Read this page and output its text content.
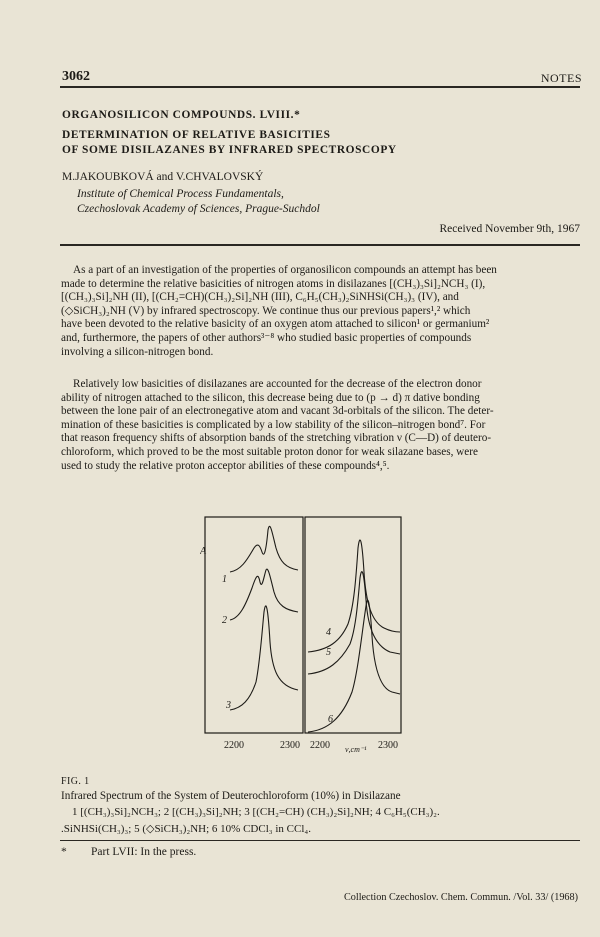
3062	NOTES
ORGANOSILICON COMPOUNDS. LVIII.*
DETERMINATION OF RELATIVE BASICITIES
OF SOME DISILAZANES BY INFRARED SPECTROSCOPY
M.JAKOUBKOVÁ and V.CHVALOVSKÝ
Institute of Chemical Process Fundamentals,
Czechoslovak Academy of Sciences, Prague-Suchdol
Received November 9th, 1967
As a part of an investigation of the properties of organosilicon compounds an attempt has been
made to determine the relative basicities of nitrogen atoms in disilazanes [(CH₃)₃Si]₂NCH₃ (I),
[(CH₃)₃Si]₂NH (II), [(CH₂=CH)(CH₃)₂Si]₂NH (III), C₆H₅(CH₃)₂SiNHSi(CH₃)₃ (IV), and
(◇SiCH₃)₂NH (V) by infrared spectroscopy. We continue thus our previous papers¹,² which
have been devoted to the relative basicity of an oxygen atom attached to silicon¹ or germanium²
and, furthermore, the papers of other authors³⁻⁸ who studied basic properties of compounds
involving a silicon-nitrogen bond.
Relatively low basicities of disilazanes are accounted for the decrease of the electron donor
ability of nitrogen attached to the silicon, this decrease being due to (p → d) π dative bonding
between the lone pair of an electronegative atom and vacant 3d-orbitals of the silicon. The deter-
mination of these basicities is complicated by a low stability of the silicon–nitrogen bond⁷. For
that reason frequency shifts of absorption bands of the stretching vibration ν (C—D) of deutero-
chloroform, which proved to be the most suitable proton donor for weak silazane bases, were
used to study the relative proton acceptor abilities of these compounds⁴,⁵.
A
1
2
3
4
5
6
2200	2300 2200 ν,cm⁻¹ 2300
FIG. 1
Infrared Spectrum of the System of Deuterochloroform (10%) in Disilazane
1 [(CH₃)₃Si]₂NCH₃; 2 [(CH₃)₃Si]₂NH; 3 [(CH₂=CH) (CH₃)₂Si]₂NH; 4 C₆H₅(CH₃)₂.
.SiNHSi(CH₃)₃; 5 (◇SiCH₃)₂NH; 6 10% CDCl₃ in CCl₄.
* Part LVII: In the press.
Collection Czechoslov. Chem. Commun. /Vol. 33/ (1968)
